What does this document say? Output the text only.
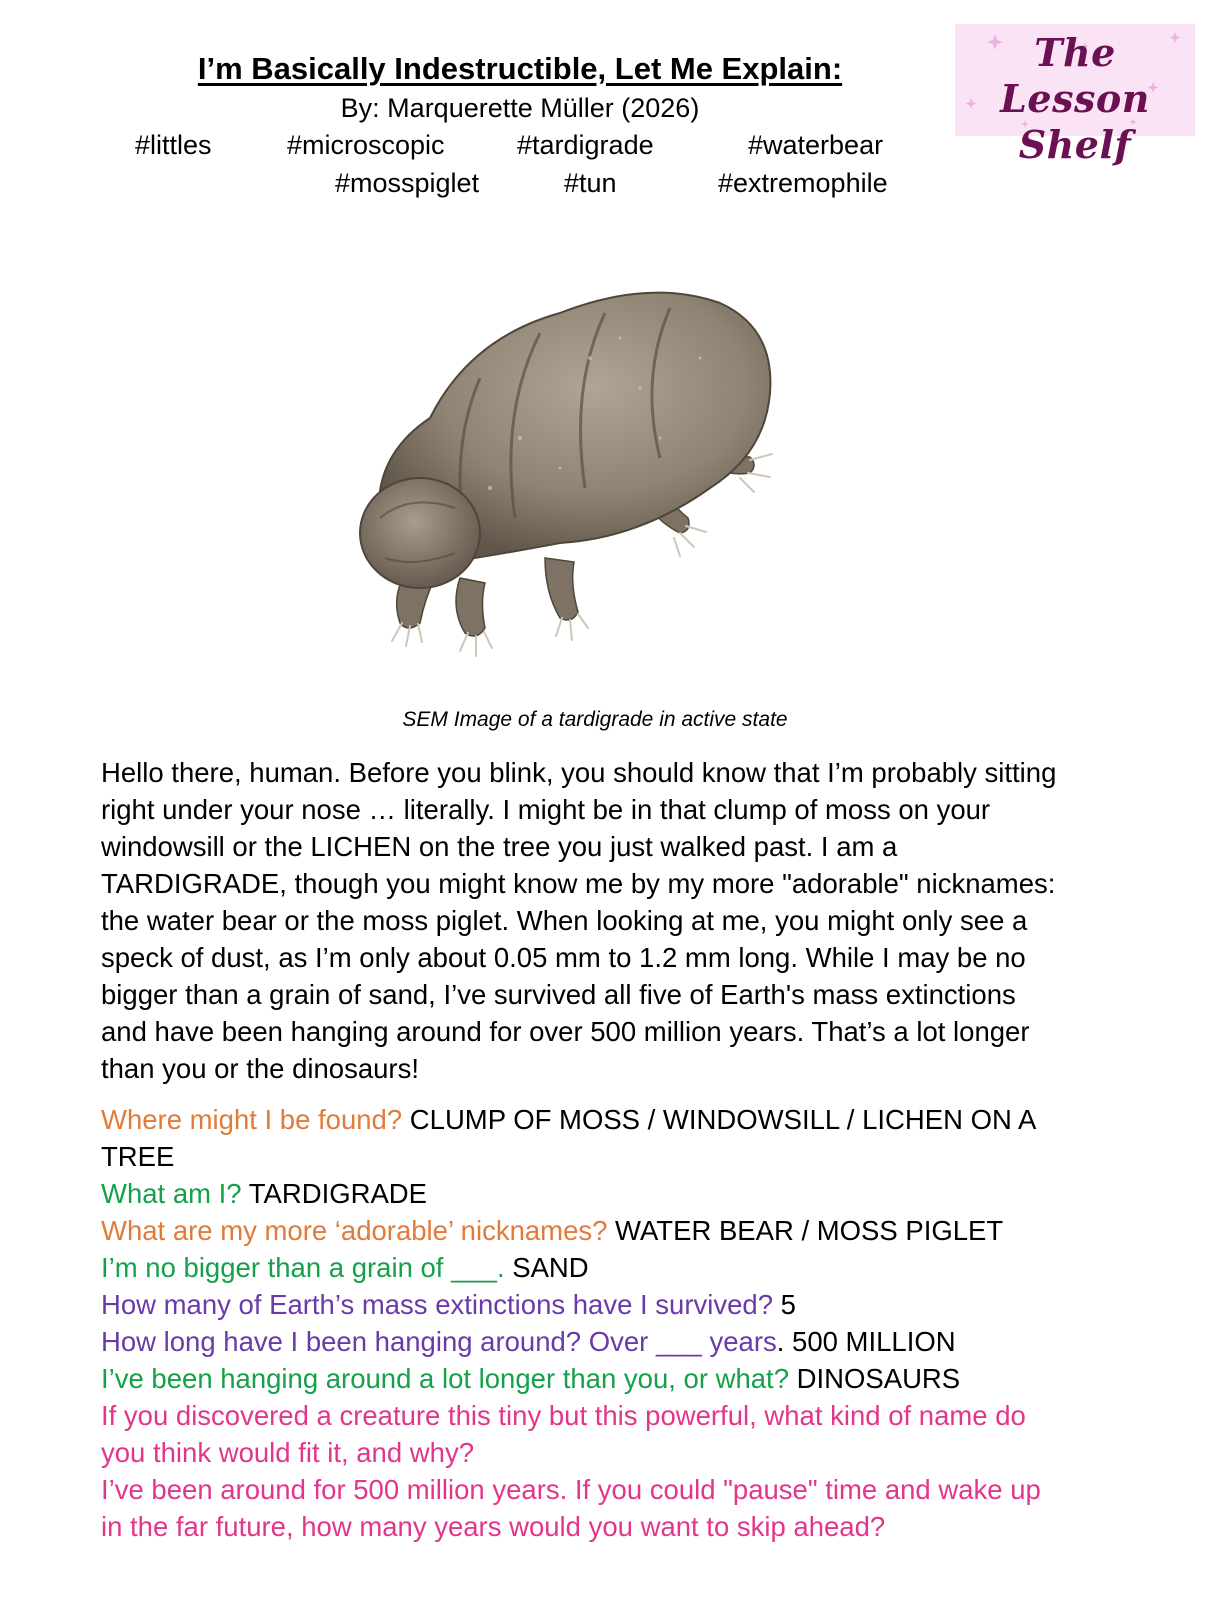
The Lesson
Shelf
I’m Basically Indestructible, Let Me Explain:
By: Marquerette Müller (2026)
#littles	#microscopic	#tardigrade	#waterbear
#mosspiglet	#tun	#extremophile
SEM Image of a tardigrade in active state

Hello there, human. Before you blink, you should know that I’m probably sitting right under your nose … literally. I might be in that clump of moss on your windowsill or the LICHEN on the tree you just walked past. I am a TARDIGRADE, though you might know me by my more "adorable" nicknames: the water bear or the moss piglet. When looking at me, you might only see a speck of dust, as I’m only about 0.05 mm to 1.2 mm long. While I may be no bigger than a grain of sand, I’ve survived all five of Earth's mass extinctions and have been hanging around for over 500 million years. That’s a lot longer than you or the dinosaurs!

Where might I be found? CLUMP OF MOSS / WINDOWSILL / LICHEN ON A TREE
What am I? TARDIGRADE
What are my more ‘adorable’ nicknames? WATER BEAR / MOSS PIGLET
I’m no bigger than a grain of ___. SAND
How many of Earth’s mass extinctions have I survived? 5
How long have I been hanging around? Over ___ years. 500 MILLION
I’ve been hanging around a lot longer than you, or what? DINOSAURS
If you discovered a creature this tiny but this powerful, what kind of name do you think would fit it, and why?
I’ve been around for 500 million years. If you could "pause" time and wake up in the far future, how many years would you want to skip ahead?
